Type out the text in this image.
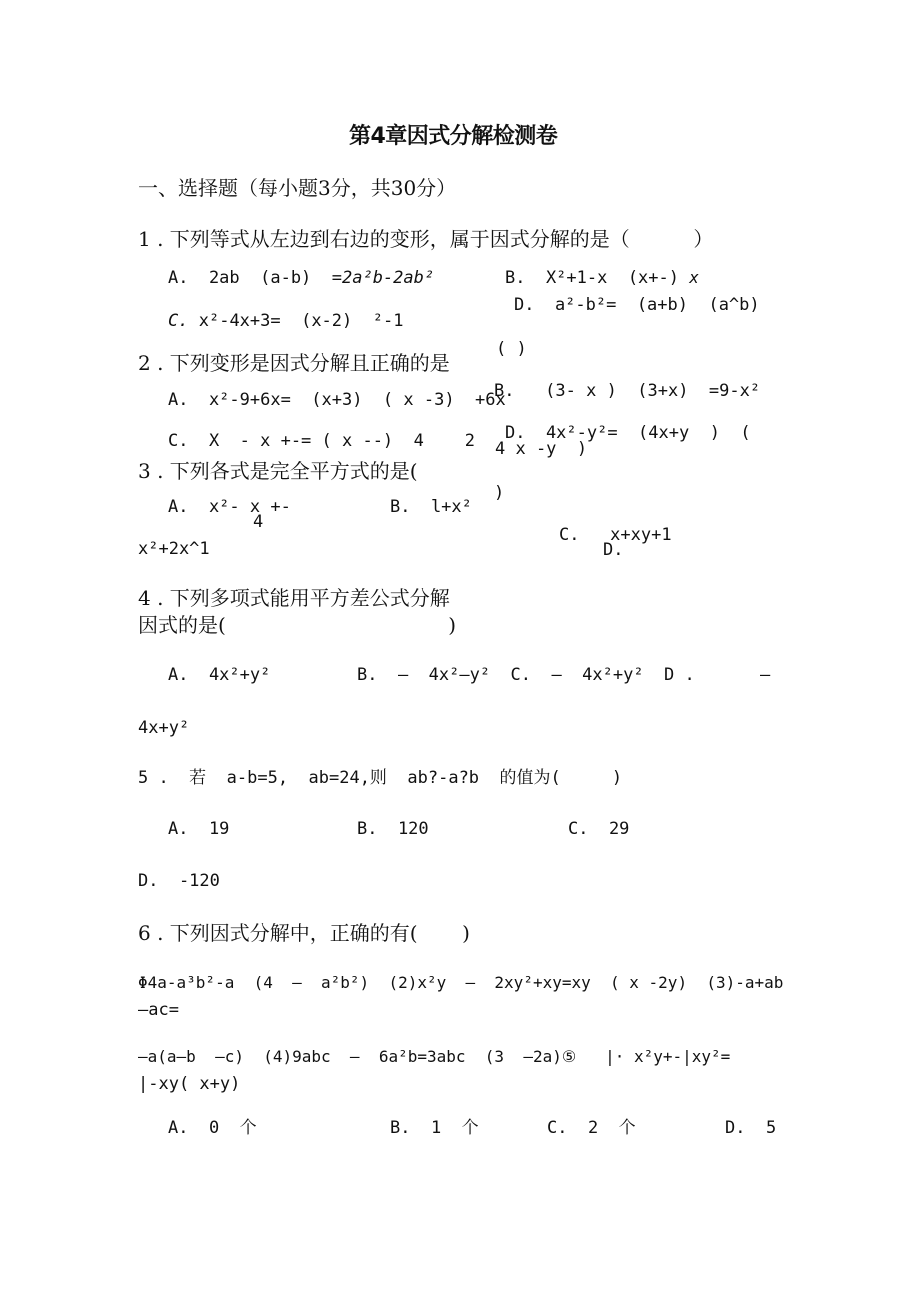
第4章因式分解检测卷
一、选择题（每小题3分，共30分）
1 . 下列等式从左边到右边的变形，属于因式分解的是（          ）
A.  2ab  (a-b)  =2a²b-2ab²	B.  X²+1-x  (x+-) x
D.  a²-b²=  (a+b)  (a^b)
C. x²-4x+3=  (x-2)  ²-1
2 . 下列变形是因式分解且正确的是
( )
B.   (3- x )  (3+x)  =9-x²
A.  x²-9+6x=  (x+3)  ( x -3)  +6x
C.  X  - x +-= ( x --)  4    2 D.  4x²-y²=  (4x+y  )  (
4 x -y  )
3 . 下列各式是完全平方式的是(
)
A.  x²- x +-
4
B.  l+x²
C.   x+xy+1
D.
x²+2x^1
4 . 下列多项式能用平方差公式分解
因式的是(                                   )
A.  4x²+y²	B.  —  4x²—y²  C.  —  4x²+y²  D .	—
4x+y²
5 .  若  a-b=5,  ab=24,则  ab?-a?b  的值为(     )
A.  19	B.  120	C.  29
D.  -120
6 . 下列因式分解中，正确的有(       )
Φ4a-a³b²-a  (4  —  a²b²)  (2)x²y  —  2xy²+xy=xy  ( x -2y)  (3)-a+ab
—ac=
—a(a—b  —c)  (4)9abc  —  6a²b=3abc  (3  —2a)⑤   |· x²y+-|xy²=
|-xy( x+y)
A.  0  个	B.  1  个	C.  2  个	D.  5
